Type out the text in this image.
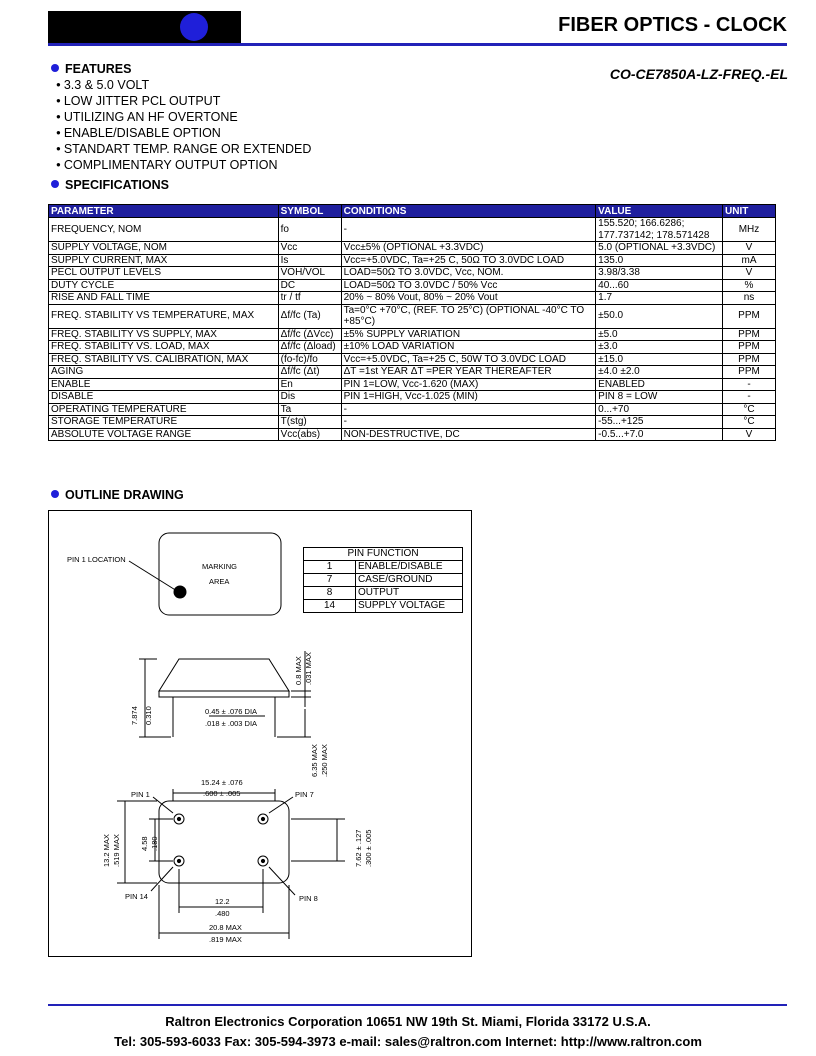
FIBER OPTICS - CLOCK
FEATURES	CO-CE7850A-LZ-FREQ.-EL
● 3.3 & 5.0 VOLT
● LOW JITTER PCL OUTPUT
● UTILIZING AN HF OVERTONE
● ENABLE/DISABLE OPTION
● STANDART TEMP. RANGE OR EXTENDED
● COMPLIMENTARY OUTPUT OPTION
SPECIFICATIONS
PARAMETER	SYMBOL	CONDITIONS	VALUE	UNIT
FREQUENCY, NOM	fo	-	155.520; 166.6286; 177.737142; 178.571428	MHz
SUPPLY VOLTAGE, NOM	Vcc	Vcc±5% (OPTIONAL +3.3VDC)	5.0 (OPTIONAL +3.3VDC)	V
SUPPLY CURRENT, MAX	Is	Vcc=+5.0VDC, Ta=+25 C, 50Ω TO 3.0VDC LOAD	135.0	mA
PECL OUTPUT LEVELS	VOH/VOL	LOAD=50Ω TO 3.0VDC, Vcc, NOM.	3.98/3.38	V
DUTY CYCLE	DC	LOAD=50Ω TO 3.0VDC / 50% Vcc	40...60	%
RISE AND FALL TIME	tr / tf	20% ~ 80% Vout, 80% ~ 20% Vout	1.7	ns
FREQ. STABILITY VS TEMPERATURE, MAX	Δf/fc (Ta)	Ta=0°C +70°C, (REF. TO 25°C) (OPTIONAL -40°C TO +85°C)	±50.0	PPM
FREQ. STABILITY VS SUPPLY, MAX	Δf/fc (ΔVcc)	±5% SUPPLY VARIATION	±5.0	PPM
FREQ. STABILITY VS. LOAD, MAX	Δf/fc (Δload)	±10% LOAD VARIATION	±3.0	PPM
FREQ. STABILITY VS. CALIBRATION, MAX	(fo-fc)/fo	Vcc=+5.0VDC, Ta=+25 C, 50W TO 3.0VDC LOAD	±15.0	PPM
AGING	Δf/fc (Δt)	ΔT =1st YEAR ΔT =PER YEAR THEREAFTER	±4.0 ±2.0	PPM
ENABLE	En	PIN 1=LOW, Vcc-1.620 (MAX)	ENABLED	-
DISABLE	Dis	PIN 1=HIGH, Vcc-1.025 (MIN)	PIN 8 = LOW	-
OPERATING TEMPERATURE	Ta	-	0...+70	°C
STORAGE TEMPERATURE	T(stg)	-	-55...+125	°C
ABSOLUTE VOLTAGE RANGE	Vcc(abs)	NON-DESTRUCTIVE, DC	-0.5...+7.0	V
OUTLINE DRAWING
PIN 1 LOCATION
MARKING
AREA
0.8 MAX .031 MAX
7.874 0.310	0.45 ± .076 DIA
.018 ± .003 DIA
6.35 MAX .250 MAX
15.24 ± .076
.600 ± .005
13.2 MAX .519 MAX	4.58 .180	7.62 ± .127 .300 ± .005
12.2
.480
20.8 MAX
.819 MAX
PIN 1	PIN 7
PIN 14	PIN 8
PIN FUNCTION	
1	ENABLE/DISABLE
7	CASE/GROUND
8	OUTPUT
14	SUPPLY VOLTAGE
Raltron Electronics Corporation 10651 NW 19th St. Miami, Florida 33172 U.S.A.
Tel: 305-593-6033 Fax: 305-594-3973 e-mail: sales@raltron.com Internet: http://www.raltron.com
